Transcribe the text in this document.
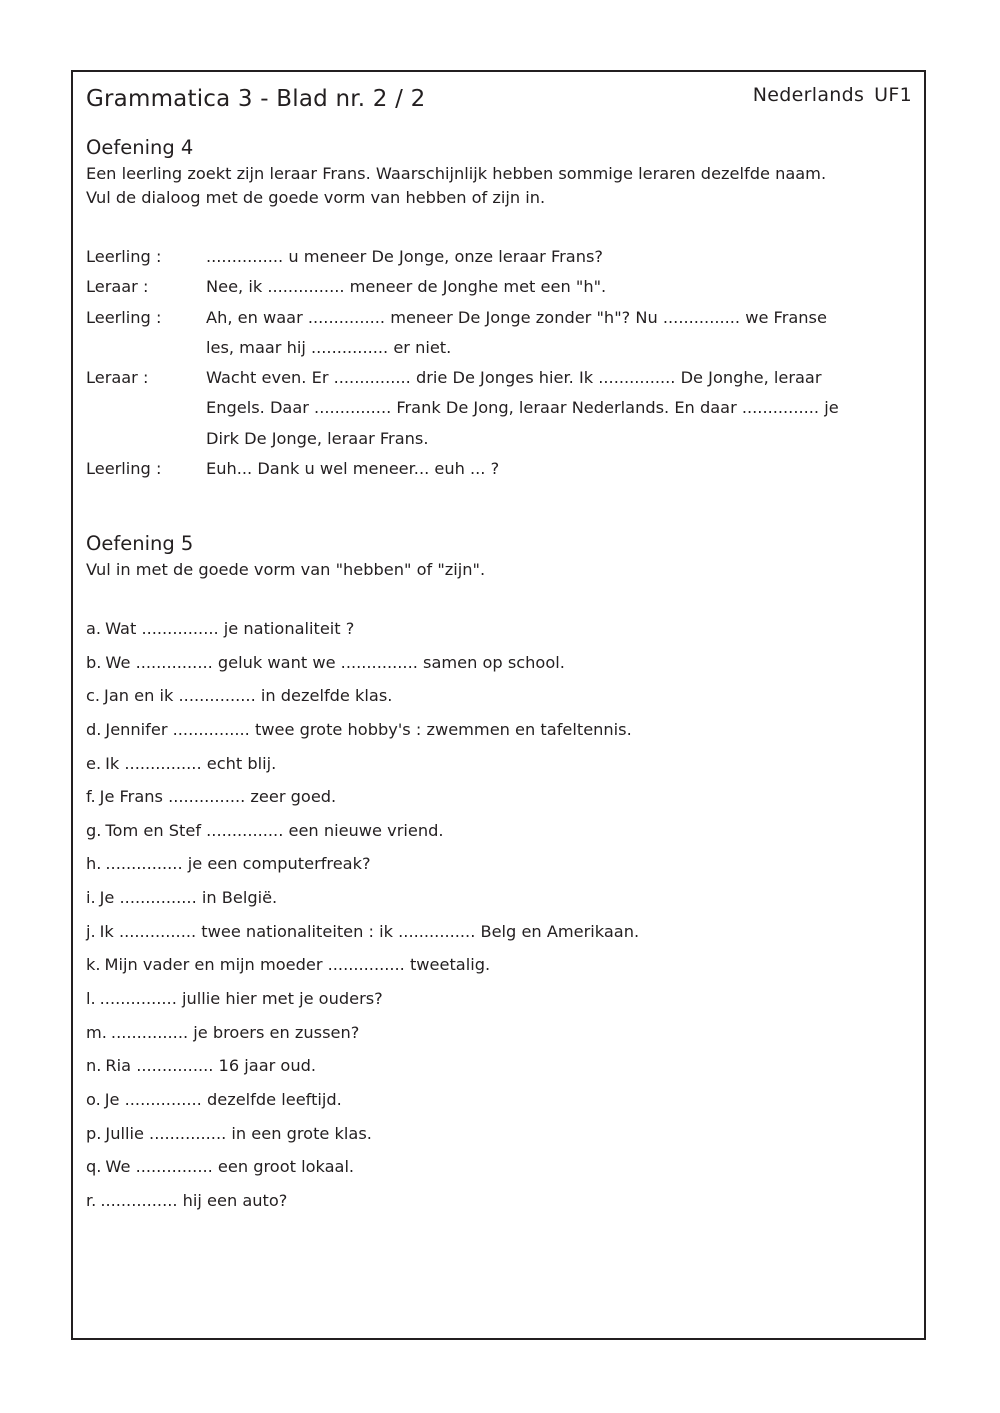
Grammatica 3 - Blad nr. 2 / 2	Nederlands UF1
Oefening 4
Een leerling zoekt zijn leraar Frans. Waarschijnlijk hebben sommige leraren dezelfde naam.
Vul de dialoog met de goede vorm van hebben of zijn in.
Leerling :	............... u meneer De Jonge, onze leraar Frans?
Leraar :	Nee, ik ............... meneer de Jonghe met een "h".
Leerling :	Ah, en waar ............... meneer De Jonge zonder "h"? Nu ............... we Franse
les, maar hij ............... er niet.
Leraar :	Wacht even. Er ............... drie De Jonges hier. Ik ............... De Jonghe, leraar
Engels. Daar ............... Frank De Jong, leraar Nederlands. En daar ............... je
Dirk De Jonge, leraar Frans.
Leerling :	Euh... Dank u wel meneer... euh ... ?
Oefening 5
Vul in met de goede vorm van "hebben" of "zijn".
a. Wat ............... je nationaliteit ?
b. We ............... geluk want we ............... samen op school.
c. Jan en ik ............... in dezelfde klas.
d. Jennifer ............... twee grote hobby's : zwemmen en tafeltennis.
e. Ik ............... echt blij.
f. Je Frans ............... zeer goed.
g. Tom en Stef ............... een nieuwe vriend.
h. ............... je een computerfreak?
i. Je ............... in België.
j. Ik ............... twee nationaliteiten : ik ............... Belg en Amerikaan.
k. Mijn vader en mijn moeder ............... tweetalig.
l. ............... jullie hier met je ouders?
m. ............... je broers en zussen?
n. Ria ............... 16 jaar oud.
o. Je ............... dezelfde leeftijd.
p. Jullie ............... in een grote klas.
q. We ............... een groot lokaal.
r. ............... hij een auto?
